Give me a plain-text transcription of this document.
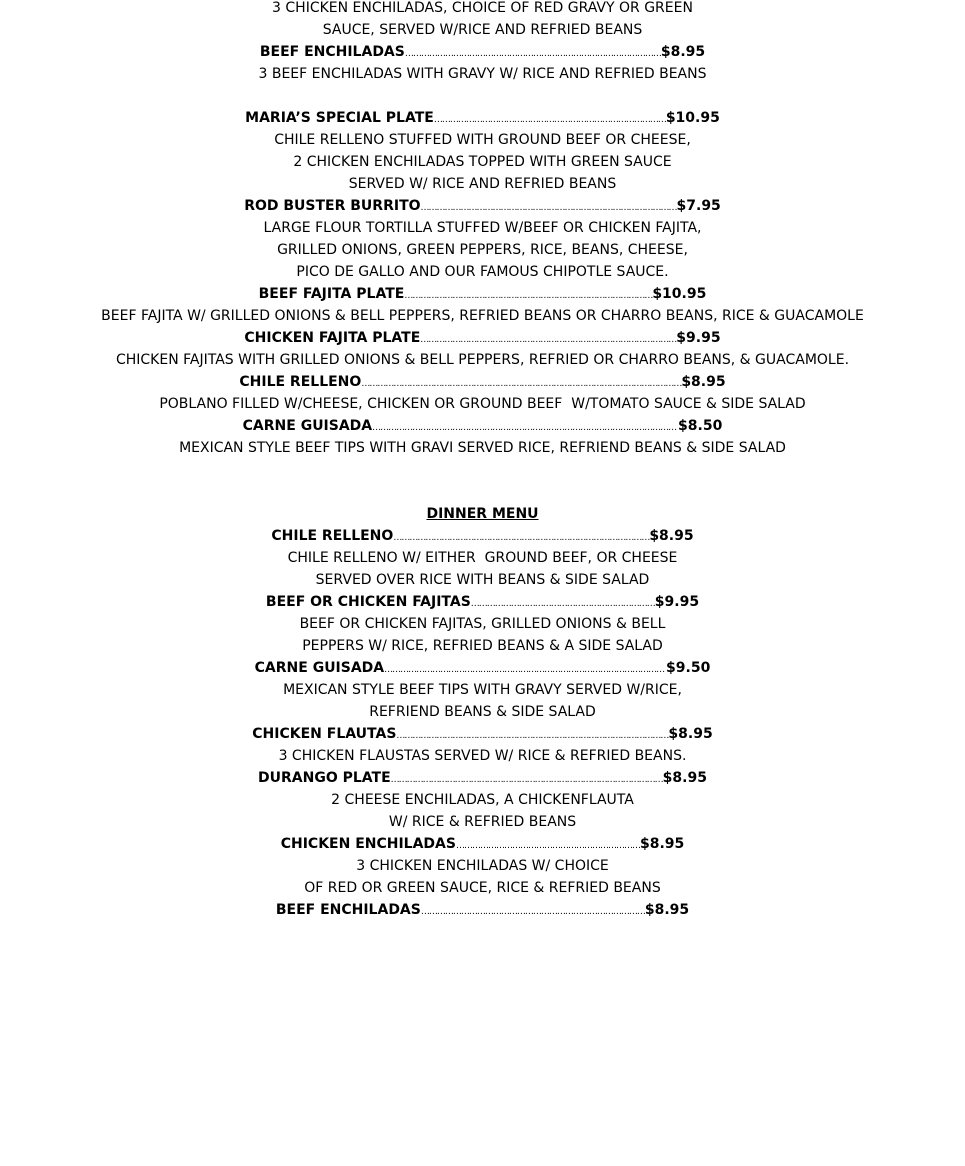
3 CHICKEN ENCHILADAS, CHOICE OF RED GRAVY OR GREEN
SAUCE, SERVED W/RICE AND REFRIED BEANS
BEEF ENCHILADAS……………………………………………………………………………………$8.95
3 BEEF ENCHILADAS WITH GRAVY W/ RICE AND REFRIED BEANS
MARIA’S SPECIAL PLATE……………………………………………………………………………$10.95
CHILE RELLENO STUFFED WITH GROUND BEEF OR CHEESE,
2 CHICKEN ENCHILADAS TOPPED WITH GREEN SAUCE
SERVED W/ RICE AND REFRIED BEANS
ROD BUSTER BURRITO……………………………………………………………………………………$7.95
LARGE FLOUR TORTILLA STUFFED W/BEEF OR CHICKEN FAJITA,
GRILLED ONIONS, GREEN PEPPERS, RICE, BEANS, CHEESE,
PICO DE GALLO AND OUR FAMOUS CHIPOTLE SAUCE.
BEEF FAJITA PLATE…………………………………………………………………………………$10.95
BEEF FAJITA W/ GRILLED ONIONS & BELL PEPPERS, REFRIED BEANS OR CHARRO BEANS, RICE & GUACAMOLE
CHICKEN FAJITA PLATE……………………………………………………………………………………$9.95
CHICKEN FAJITAS WITH GRILLED ONIONS & BELL PEPPERS, REFRIED OR CHARRO BEANS, & GUACAMOLE.
CHILE RELLENO…………………………………………………………………………………………………………$8.95
POBLANO FILLED W/CHEESE, CHICKEN OR GROUND BEEF  W/TOMATO SAUCE & SIDE SALAD
CARNE GUISADA…………………………………………………………………………………………………… $8.50
MEXICAN STYLE BEEF TIPS WITH GRAVI SERVED RICE, REFRIEND BEANS & SIDE SALAD
DINNER MENU
CHILE RELLENO……………………………………………………………………………………$8.95
CHILE RELLENO W/ EITHER  GROUND BEEF, OR CHEESE
SERVED OVER RICE WITH BEANS & SIDE SALAD
BEEF OR CHICKEN FAJITAS……………………………………………………………$9.95
BEEF OR CHICKEN FAJITAS, GRILLED ONIONS & BELL
PEPPERS W/ RICE, REFRIED BEANS & A SIDE SALAD
CARNE GUISADA…………………………………………………………………………………………… $9.50
MEXICAN STYLE BEEF TIPS WITH GRAVY SERVED W/RICE,
REFRIEND BEANS & SIDE SALAD
CHICKEN FLAUTAS…………………………………………………………………………………………$8.95
3 CHICKEN FLAUSTAS SERVED W/ RICE & REFRIED BEANS.
DURANGO PLATE…………………………………………………………………………………………$8.95
2 CHEESE ENCHILADAS, A CHICKENFLAUTA
W/ RICE & REFRIED BEANS
CHICKEN ENCHILADAS……………………………………………………………$8.95
3 CHICKEN ENCHILADAS W/ CHOICE
OF RED OR GREEN SAUCE, RICE & REFRIED BEANS
BEEF ENCHILADAS…………………………………………………………………………$8.95
